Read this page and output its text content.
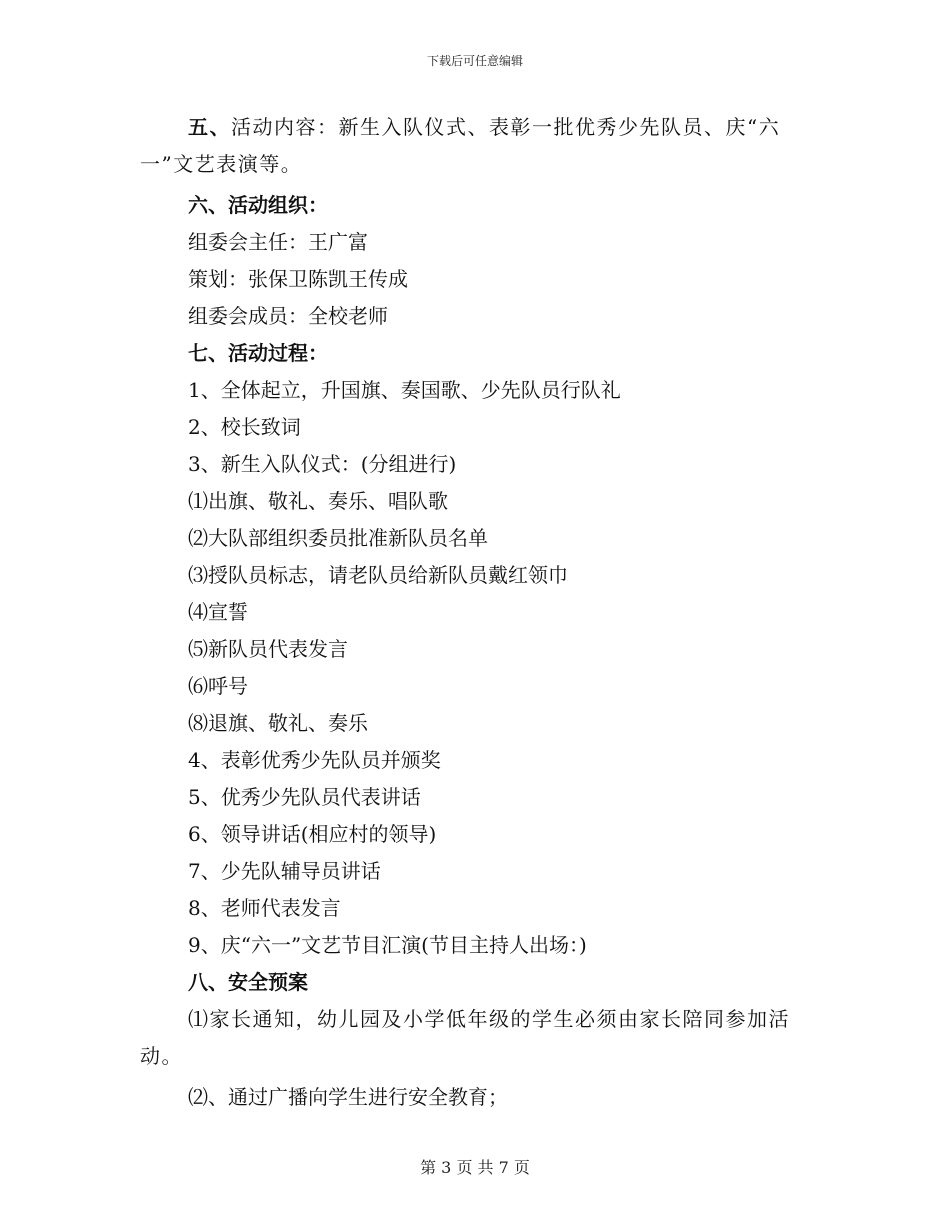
下载后可任意编辑
五、活动内容：新生入队仪式、表彰一批优秀少先队员、庆“六一”文艺表演等。
六、活动组织：
组委会主任：王广富
策划：张保卫陈凯王传成
组委会成员：全校老师
七、活动过程：
1、全体起立，升国旗、奏国歌、少先队员行队礼
2、校长致词
3、新生入队仪式：(分组进行)
⑴出旗、敬礼、奏乐、唱队歌
⑵大队部组织委员批准新队员名单
⑶授队员标志，请老队员给新队员戴红领巾
⑷宣誓
⑸新队员代表发言
⑹呼号
⑻退旗、敬礼、奏乐
4、表彰优秀少先队员并颁奖
5、优秀少先队员代表讲话
6、领导讲话(相应村的领导)
7、少先队辅导员讲话
8、老师代表发言
9、庆“六一”文艺节目汇演(节目主持人出场：)
八、安全预案
⑴家长通知，幼儿园及小学低年级的学生必须由家长陪同参加活动。
⑵、通过广播向学生进行安全教育；
第 3 页 共 7 页
